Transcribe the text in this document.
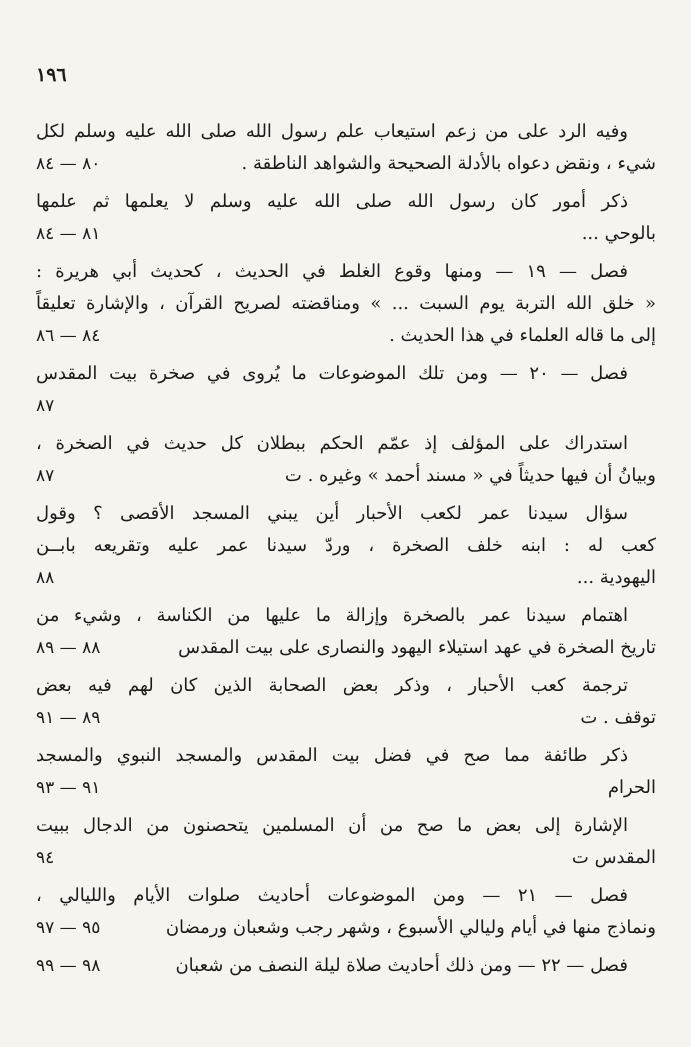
١٩٦
وفيه الرد على من زعم استيعاب علم رسول الله صلى الله عليه وسلم لكل
شيء ، ونقض دعواه بالأدلة الصحيحة والشواهد الناطقة .
٨٠ — ٨٤
ذكر أمور كان رسول الله صلى الله عليه وسلم لا يعلمها ثم علمها
بالوحي ...
٨١ — ٨٤
فصل — ١٩ — ومنها وقوع الغلط في الحديث ، كحديث أبي هريرة :
« خلق الله التربة يوم السبت ... » ومناقضته لصريح القرآن ، والإشارة تعليقاً
إلى ما قاله العلماء في هذا الحديث .
٨٤ — ٨٦
فصل — ٢٠ — ومن تلك الموضوعات ما يُروى في صخرة بيت المقدس
٨٧
استدراك على المؤلف إذ عمّم الحكم ببطلان كل حديث في الصخرة ،
وبيانُ أن فيها حديثاً في « مسند أحمد » وغيره . ت
٨٧
سؤال سيدنا عمر لكعب الأحبار أين يبني المسجد الأقصى ؟ وقول
كعب له : ابنه خلف الصخرة ، وردّ سيدنا عمر عليه وتقريعه بابــن
اليهودية ...
٨٨
اهتمام سيدنا عمر بالصخرة وإزالة ما عليها من الكناسة ، وشيء من
تاريخ الصخرة في عهد استيلاء اليهود والنصارى على بيت المقدس
٨٨ — ٨٩
ترجمة كعب الأحبار ، وذكر بعض الصحابة الذين كان لهم فيه بعض
توقف . ت
٨٩ — ٩١
ذكر طائفة مما صح في فضل بيت المقدس والمسجد النبوي والمسجد
الحرام
٩١ — ٩٣
الإشارة إلى بعض ما صح من أن المسلمين يتحصنون من الدجال ببيت
المقدس ت
٩٤
فصل — ٢١ — ومن الموضوعات أحاديث صلوات الأيام والليالي ،
ونماذج منها في أيام وليالي الأسبوع ، وشهر رجب وشعبان ورمضان
٩٥ — ٩٧
فصل — ٢٢ — ومن ذلك أحاديث صلاة ليلة النصف من شعبان
٩٨ — ٩٩
